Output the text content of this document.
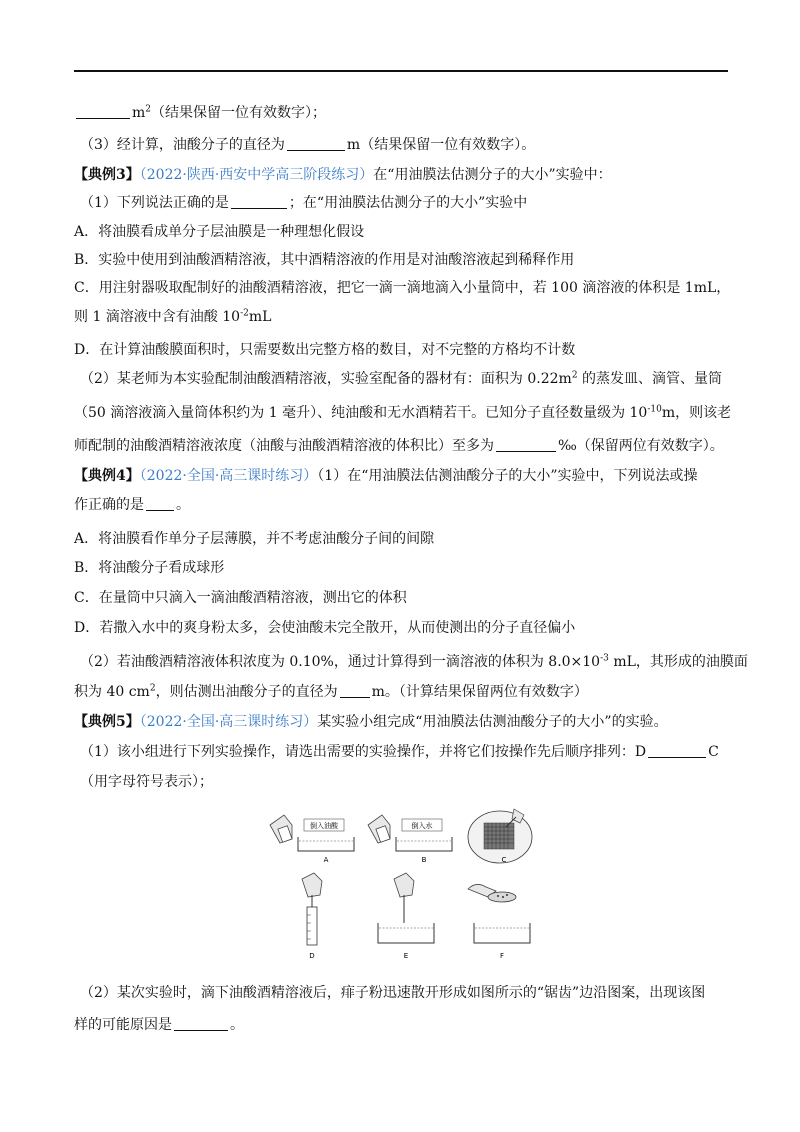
$m^2$（结果保留一位有效数字）；
（3）经计算，油酸分子的直径为	m（结果保留一位有效数字）。
【典例3】（2022·陕西·西安中学高三阶段练习）在“用油膜法估测分子的大小”实验中：
（1）下列说法正确的是	；在“用油膜法估测分子的大小”实验中
A．将油膜看成单分子层油膜是一种理想化假设
B．实验中使用到油酸酒精溶液，其中酒精溶液的作用是对油酸溶液起到稀释作用
C．用注射器吸取配制好的油酸酒精溶液，把它一滴一滴地滴入小量筒中，若 100 滴溶液的体积是 1mL，
则 1 滴溶液中含有油酸 $10^{-2}mL$
D．在计算油酸膜面积时，只需要数出完整方格的数目，对不完整的方格均不计数
（2）某老师为本实验配制油酸酒精溶液，实验室配备的器材有：面积为 $0.22m^2$ 的蒸发皿、滴管、量筒
（50 滴溶液滴入量筒体积约为 1 毫升）、纯油酸和无水酒精若干。已知分子直径数量级为 $10^{-10}m$，则该老
师配制的油酸酒精溶液浓度（油酸与油酸酒精溶液的体积比）至多为	‰（保留两位有效数字）。
【典例4】（2022·全国·高三课时练习）（1）在“用油膜法估测油酸分子的大小”实验中，下列说法或操
作正确的是 。
A．将油膜看作单分子层薄膜，并不考虑油酸分子间的间隙
B．将油酸分子看成球形
C．在量筒中只滴入一滴油酸酒精溶液，测出它的体积
D．若撒入水中的爽身粉太多，会使油酸未完全散开，从而使测出的分子直径偏小
（2）若油酸酒精溶液体积浓度为 0.10%，通过计算得到一滴溶液的体积为 $8.0\times 10^{-3}$ mL，其形成的油膜面
积为 40 $cm^2$，则估测出油酸分子的直径为 m。（计算结果保留两位有效数字）
【典例5】（2022·全国·高三课时练习）某实验小组完成“用油膜法估测油酸分子的大小”的实验。
（1）该小组进行下列实验操作，请选出需要的实验操作，并将它们按操作先后顺序排列：D	C
（用字母符号表示）；
倒入油酸
A
倒入水
B	C
D	E	F
（2）某次实验时，滴下油酸酒精溶液后，痱子粉迅速散开形成如图所示的“锯齿”边沿图案，出现该图
样的可能原因是	。
